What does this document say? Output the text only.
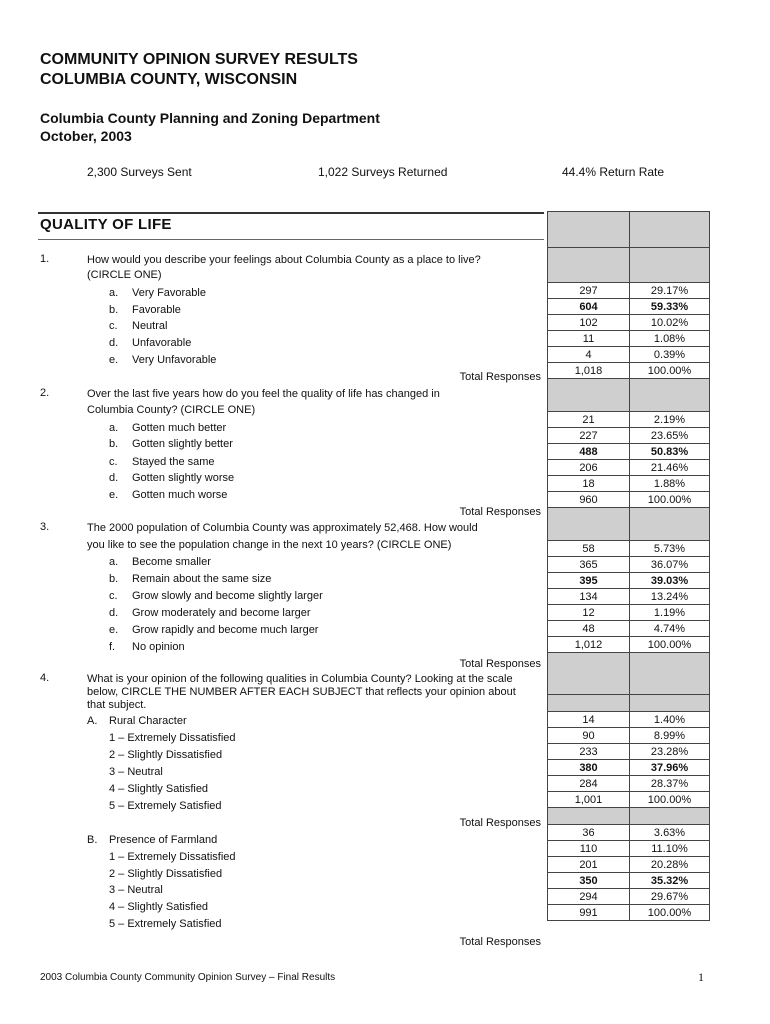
COMMUNITY OPINION SURVEY RESULTS
COLUMBIA COUNTY, WISCONSIN
Columbia County Planning and Zoning Department
October, 2003
2,300 Surveys Sent	1,022 Surveys Returned	44.4% Return Rate
QUALITY OF LIFE
1.	How would you describe your feelings about Columbia County as a place to live?
(CIRCLE ONE)
a. Very Favorable
b. Favorable
c. Neutral
d. Unfavorable
e. Very Unfavorable
Total Responses
2.	Over the last five years how do you feel the quality of life has changed in
Columbia County? (CIRCLE ONE)
a. Gotten much better
b. Gotten slightly better
c. Stayed the same
d. Gotten slightly worse
e. Gotten much worse
Total Responses
3.	The 2000 population of Columbia County was approximately 52,468. How would
you like to see the population change in the next 10 years? (CIRCLE ONE)
a. Become smaller
b. Remain about the same size
c. Grow slowly and become slightly larger
d. Grow moderately and become larger
e. Grow rapidly and become much larger
f. No opinion
Total Responses
4.	What is your opinion of the following qualities in Columbia County? Looking at the scale
below, CIRCLE THE NUMBER AFTER EACH SUBJECT that reflects your opinion about
that subject.
A. Rural Character
1 – Extremely Dissatisfied
2 – Slightly Dissatisfied
3 – Neutral
4 – Slightly Satisfied
5 – Extremely Satisfied
Total Responses
B. Presence of Farmland
1 – Extremely Dissatisfied
2 – Slightly Dissatisfied
3 – Neutral
4 – Slightly Satisfied
5 – Extremely Satisfied
Total Responses
297	29.17%
604	59.33%
102	10.02%
11	1.08%
4	0.39%
1,018	100.00%
21	2.19%
227	23.65%
488	50.83%
206	21.46%
18	1.88%
960	100.00%
58	5.73%
365	36.07%
395	39.03%
134	13.24%
12	1.19%
48	4.74%
1,012	100.00%
14	1.40%
90	8.99%
233	23.28%
380	37.96%
284	28.37%
1,001	100.00%
36	3.63%
110	11.10%
201	20.28%
350	35.32%
294	29.67%
991	100.00%
2003 Columbia County Community Opinion Survey – Final Results	1
